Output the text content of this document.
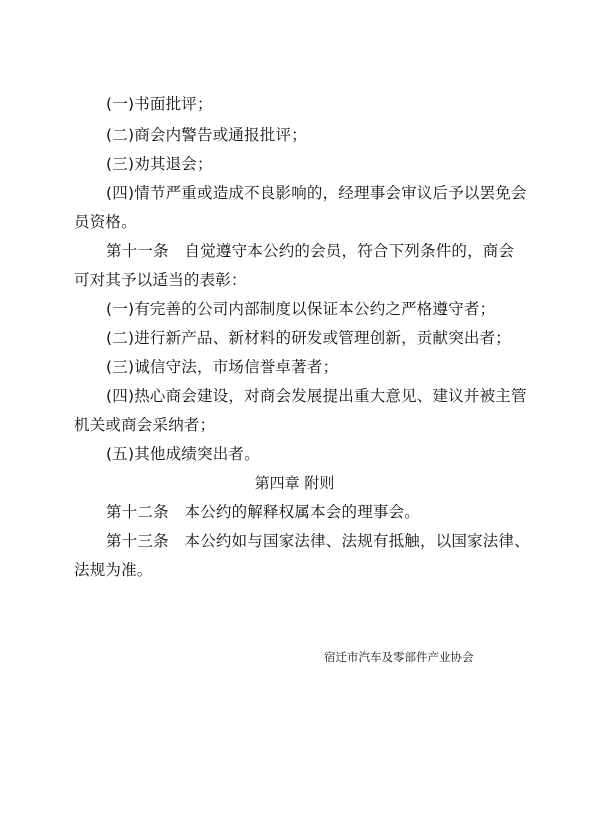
(一)书面批评；
(二)商会内警告或通报批评；
(三)劝其退会；
(四)情节严重或造成不良影响的，经理事会审议后予以罢免会
员资格。
第十一条　自觉遵守本公约的会员，符合下列条件的，商会
可对其予以适当的表彰：
(一)有完善的公司内部制度以保证本公约之严格遵守者；
(二)进行新产品、新材料的研发或管理创新，贡献突出者；
(三)诚信守法，市场信誉卓著者；
(四)热心商会建设，对商会发展提出重大意见、建议并被主管
机关或商会采纳者；
(五)其他成绩突出者。
第四章 附则
第十二条　本公约的解释权属本会的理事会。
第十三条　本公约如与国家法律、法规有抵触，以国家法律、
法规为准。
宿迁市汽车及零部件产业协会
